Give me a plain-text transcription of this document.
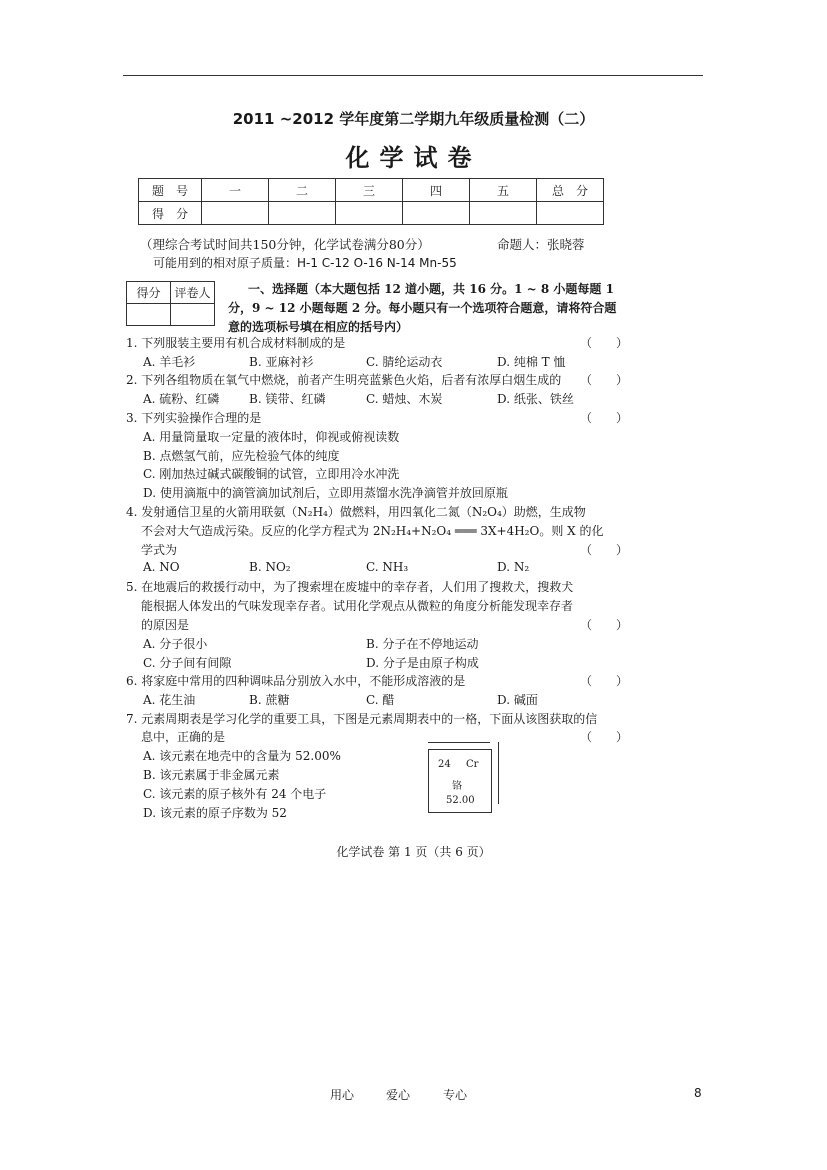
2011 ~2012 学年度第二学期九年级质量检测（二）
化学试卷
题　号	一	二	三	四	五	总　分
得　分						
（理综合考试时间共150分钟，化学试卷满分80分）	命题人：张晓蓉
可能用到的相对原子质量：H-1 C-12 O-16 N-14 Mn-55
得分	评卷人
		一、选择题（本大题包括 12 道小题，共 16 分。1 ~ 8 小题每题 1
分，9 ~ 12 小题每题 2 分。每小题只有一个选项符合题意，请将符合题
意的选项标号填在相应的括号内）
1. 下列服装主要用有机合成材料制成的是	（　　）
A. 羊毛衫	B. 亚麻衬衫	C. 腈纶运动衣	D. 纯棉 T 恤
2. 下列各组物质在氧气中燃烧，前者产生明亮蓝紫色火焰，后者有浓厚白烟生成的	（　　）
A. 硫粉、红磷 B. 镁带、红磷	C. 蜡烛、木炭	D. 纸张、铁丝
3. 下列实验操作合理的是	（　　）
A. 用量筒量取一定量的液体时，仰视或俯视读数
B. 点燃氢气前，应先检验气体的纯度
C. 刚加热过碱式碳酸铜的试管，立即用冷水冲洗
D. 使用滴瓶中的滴管滴加试剂后，立即用蒸馏水洗净滴管并放回原瓶
4. 发射通信卫星的火箭用联氨（N₂H₄）做燃料，用四氧化二氮（N₂O₄）助燃，生成物
不会对大气造成污染。反应的化学方程式为 2N₂H₄+N₂O₄ ═══ 3X+4H₂O。则 X 的化
学式为	（　　）
A. NO	B. NO₂	C. NH₃	D. N₂
5. 在地震后的救援行动中，为了搜索埋在废墟中的幸存者，人们用了搜救犬，搜救犬
能根据人体发出的气味发现幸存者。试用化学观点从微粒的角度分析能发现幸存者
的原因是	（　　）
A. 分子很小	B. 分子在不停地运动
C. 分子间有间隙	D. 分子是由原子构成
6. 将家庭中常用的四种调味品分别放入水中，不能形成溶液的是	（　　）
A. 花生油	B. 蔗糖	C. 醋	D. 碱面
7. 元素周期表是学习化学的重要工具，下图是元素周期表中的一格，下面从该图获取的信
息中，正确的是	（　　）
A. 该元素在地壳中的含量为 52.00%
B. 该元素属于非金属元素
C. 该元素的原子核外有 24 个电子
D. 该元素的原子序数为 52
24 Cr
铬
52.00
化学试卷 第 1 页（共 6 页）
用心	爱心	专心	8
